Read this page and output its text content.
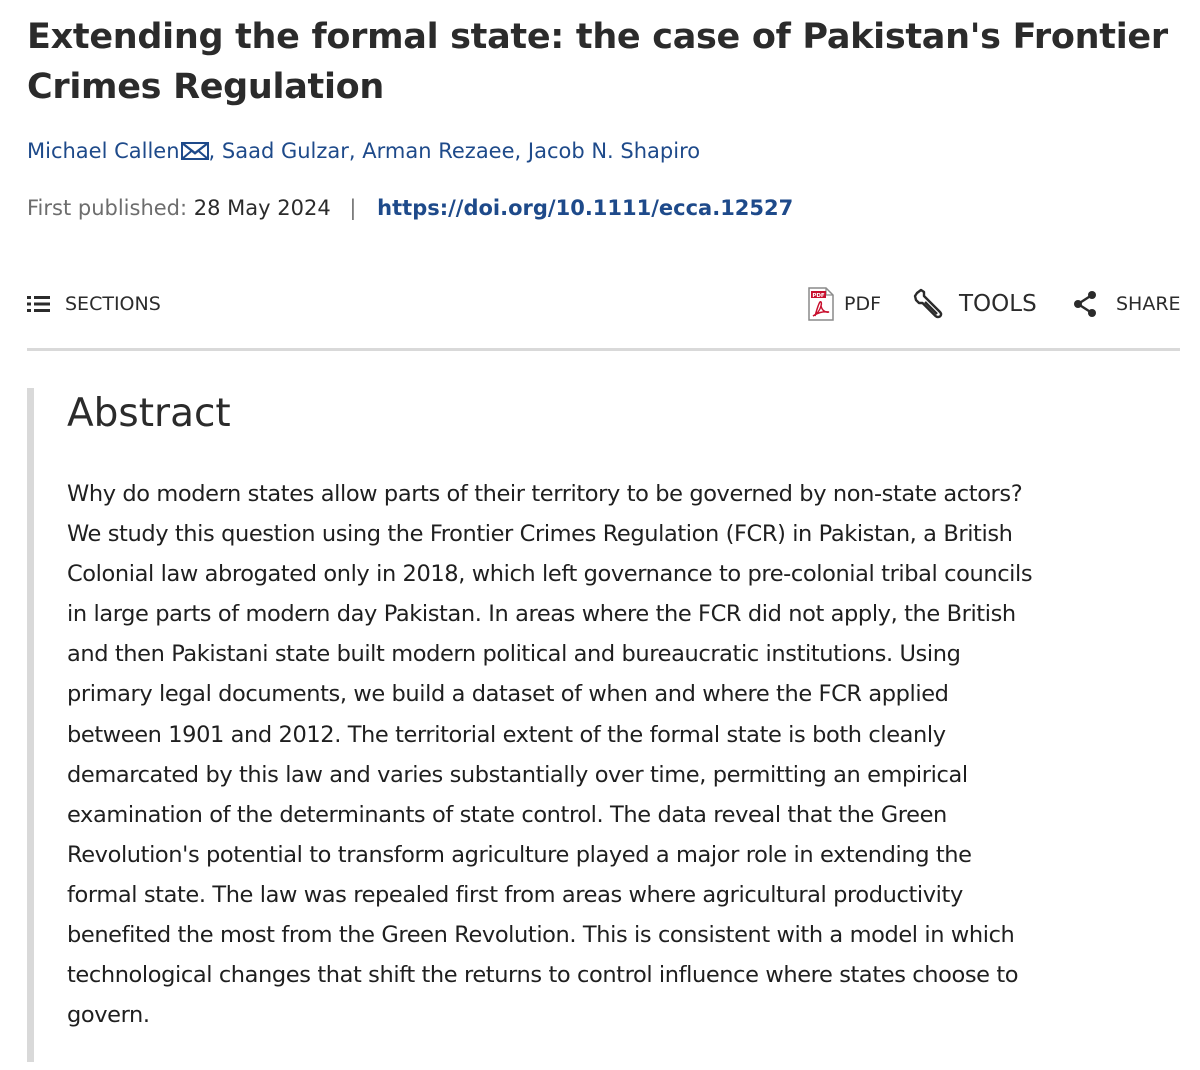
Extending the formal state: the case of Pakistan's Frontier Crimes Regulation
Michael Callen , Saad Gulzar, Arman Rezaee, Jacob N. Shapiro
First published: 28 May 2024 | https://doi.org/10.1111/ecca.12527
SECTIONS	PDF PDF	TOOLS	SHARE
Abstract

Why do modern states allow parts of their territory to be governed by non-state actors?
We study this question using the Frontier Crimes Regulation (FCR) in Pakistan, a British
Colonial law abrogated only in 2018, which left governance to pre-colonial tribal councils
in large parts of modern day Pakistan. In areas where the FCR did not apply, the British
and then Pakistani state built modern political and bureaucratic institutions. Using
primary legal documents, we build a dataset of when and where the FCR applied
between 1901 and 2012. The territorial extent of the formal state is both cleanly
demarcated by this law and varies substantially over time, permitting an empirical
examination of the determinants of state control. The data reveal that the Green
Revolution's potential to transform agriculture played a major role in extending the
formal state. The law was repealed first from areas where agricultural productivity
benefited the most from the Green Revolution. This is consistent with a model in which
technological changes that shift the returns to control influence where states choose to
govern.
